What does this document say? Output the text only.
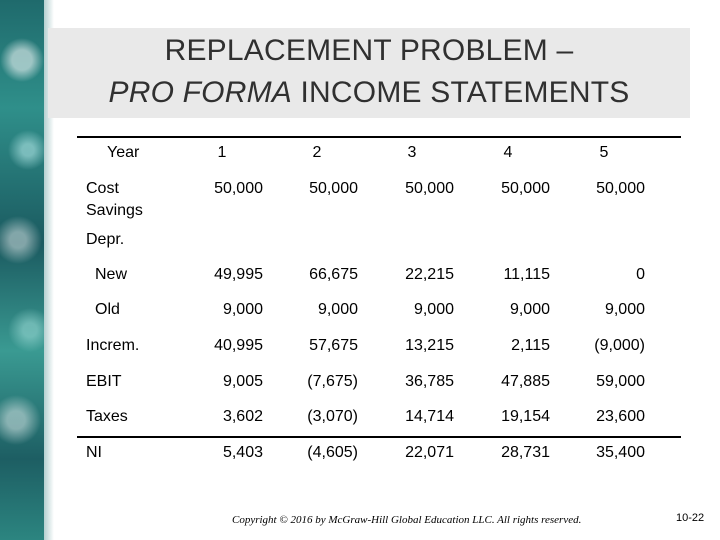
REPLACEMENT PROBLEM –
PRO FORMA INCOME STATEMENTS
Year	1	2	3	4	5
Cost
Savings
50,000	50,000	50,000	50,000	50,000
Depr.
New	49,995	66,675	22,215	11,115	0
Old	9,000	9,000	9,000	9,000	9,000
Increm.	40,995	57,675	13,215	2,115	(9,000)
EBIT	9,005	(7,675)	36,785	47,885	59,000
Taxes	3,602	(3,070)	14,714	19,154	23,600
NI	5,403	(4,605)	22,071	28,731	35,400
Copyright © 2016 by McGraw-Hill Global Education LLC. All rights reserved.	10-22
